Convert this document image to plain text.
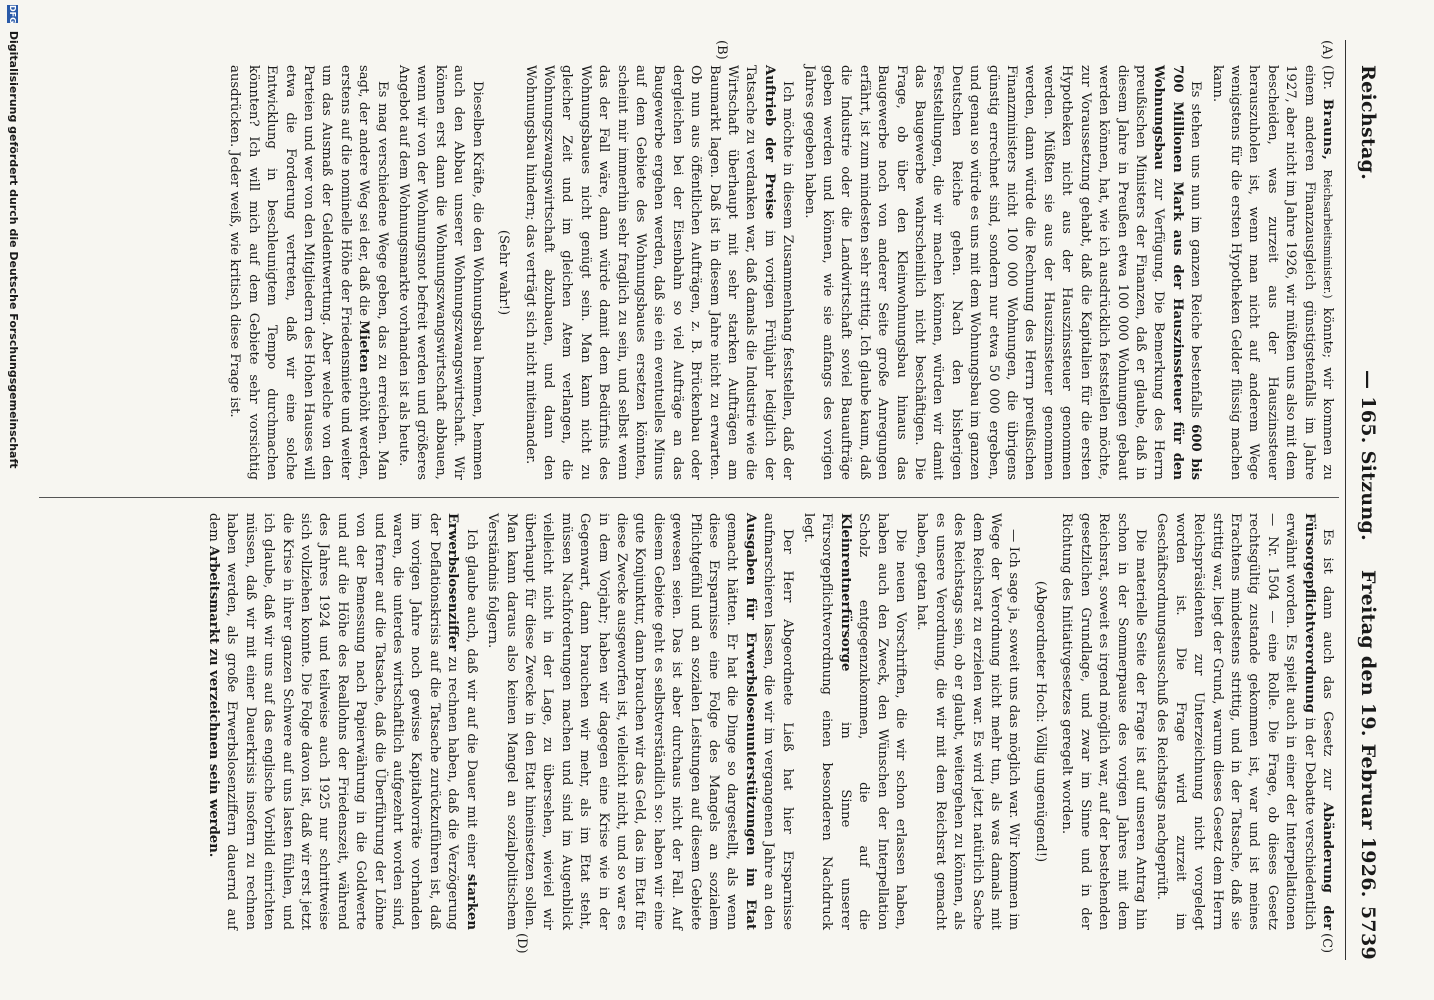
Reichstag.
— 165. Sitzung.
Freitag den 19. Februar 1926.
5739
(A)
(B)
(C)
(D)

(Dr. Brauns, Reichsarbeitsminister.) könnte; wir kommen zu einem anderen Finanzausgleich günstigstenfalls im Jahre 1927, aber nicht im Jahre 1926, wir müßten uns also mit dem bescheiden, was zurzeit aus der Hauszinssteuer herauszuholen ist, wenn man nicht auf anderem Wege wenigstens für die ersten Hypotheken Gelder flüssig machen kann.

Es stehen uns nun im ganzen Reiche bestenfalls 600 bis 700 Millionen Mark aus der Hauszinssteuer für den Wohnungsbau zur Verfügung. Die Bemerkung des Herrn preußischen Ministers der Finanzen, daß er glaube, daß in diesem Jahre in Preußen etwa 100 000 Wohnungen gebaut werden können, hat, wie ich ausdrücklich feststellen möchte, zur Voraussetzung gehabt, daß die Kapitalien für die ersten Hypotheken nicht aus der Hauszinssteuer genommen werden. Müßten sie aus der Hauszinssteuer genommen werden, dann würde die Rechnung des Herrn preußischen Finanzministers nicht 100 000 Wohnungen, die übrigens günstig errechnet sind, sondern nur etwa 50 000 ergeben, und genau so würde es uns mit dem Wohnungsbau im ganzen Deutschen Reiche gehen. Nach den bisherigen Feststellungen, die wir machen können, würden wir damit das Baugewerbe wahrscheinlich nicht beschäftigen. Die Frage, ob über den Kleinwohnungsbau hinaus das Baugewerbe noch von anderer Seite große Anregungen erfährt, ist zum mindesten sehr strittig. Ich glaube kaum, daß die Industrie oder die Landwirtschaft soviel Bauaufträge geben werden und können, wie sie anfangs des vorigen Jahres gegeben haben.

Ich möchte in diesem Zusammenhang feststellen, daß der Auftrieb der Preise im vorigen Frühjahr lediglich der Tatsache zu verdanken war, daß damals die Industrie wie die Wirtschaft überhaupt mit sehr starken Aufträgen am Baumarkt lagen. Daß ist in diesem Jahre nicht zu erwarten. Ob nun aus öffentlichen Aufträgen, z. B. Brückenbau oder dergleichen bei der Eisenbahn so viel Aufträge an das Baugewerbe ergehen werden, daß sie ein eventuelles Minus auf dem Gebiete des Wohnungsbaues ersetzen könnten, scheint mir immerhin sehr fraglich zu sein, und selbst wenn das der Fall wäre, dann würde damit dem Bedürfnis des Wohnungsbaues nicht genügt sein. Man kann nicht zu gleicher Zeit und im gleichen Atem verlangen, die Wohnungszwangswirtschaft abzubauen, und dann den Wohnungsbau hindern; das verträgt sich nicht miteinander.

(Sehr wahr!)

Dieselben Kräfte, die den Wohnungsbau hemmen, hemmen auch den Abbau unserer Wohnungszwangswirtschaft. Wir können erst dann die Wohnungszwangswirtschaft abbauen, wenn wir von der Wohnungsnot befreit werden und größeres Angebot auf dem Wohnungsmarkte vorhanden ist als heute.

Es mag verschiedene Wege geben, das zu erreichen. Man sagt, der andere Weg sei der, daß die Mieten erhöht werden, erstens auf die nominelle Höhe der Friedensmiete und weiter um das Ausmaß der Geldentwertung. Aber welche von den Parteien und wer von den Mitgliedern des Hohen Hauses will etwa die Forderung vertreten, daß wir eine solche Entwicklung in beschleunigtem Tempo durchmachen könnten? Ich will mich auf dem Gebiete sehr vorsichtig ausdrücken. Jeder weiß, wie kritisch diese Frage ist.

Es ist dann auch das Gesetz zur Abänderung der Fürsorgepflichtverordnung in der Debatte verschiedentlich erwähnt worden. Es spielt auch in einer der Interpellationen — Nr. 1504 — eine Rolle. Die Frage, ob dieses Gesetz rechtsgültig zustande gekommen ist, war und ist meines Erachtens mindestens strittig, und in der Tatsache, daß sie strittig war, liegt der Grund, warum dieses Gesetz dem Herrn Reichspräsidenten zur Unterzeichnung nicht vorgelegt worden ist. Die Frage wird zurzeit im Geschäftsordnungsausschuß des Reichstags nachgeprüft.

Die materielle Seite der Frage ist auf unseren Antrag hin schon in der Sommerpause des vorigen Jahres mit dem Reichsrat, soweit es irgend möglich war, auf der bestehenden gesetzlichen Grundlage, und zwar im Sinne und in der Richtung des Initiativgesetzes geregelt worden.

(Abgeordneter Hoch: Völlig ungenügend!)

— Ich sage ja, soweit uns das möglich war. Wir kommen im Wege der Verordnung nicht mehr tun, als was damals mit dem Reichsrat zu erzielen war. Es wird jetzt natürlich Sache des Reichstags sein, ob er glaubt, weitergehen zu können, als es unsere Verordnung, die wir mit dem Reichsrat gemacht haben, getan hat.

Die neuen Vorschriften, die wir schon erlassen haben, haben auch den Zweck, den Wünschen der Interpellation Scholz entgegenzukommen, die auf die Kleinrentnerfürsorge im Sinne unserer Fürsorgepflichtverordnung einen besonderen Nachdruck legt.

Der Herr Abgeordnete Ließ hat hier Ersparnisse aufmarschieren lassen, die wir im vergangenen Jahre an den Ausgaben für Erwerbslosenunterstützungen im Etat gemacht hätten. Er hat die Dinge so dargestellt, als wenn diese Ersparnisse eine Folge des Mangels an sozialem Pflichtgefühl und an sozialen Leistungen auf diesem Gebiete gewesen seien. Das ist aber durchaus nicht der Fall. Auf diesem Gebiete geht es selbstverständlich so: haben wir eine gute Konjunktur, dann brauchen wir das Geld, das im Etat für diese Zwecke ausgeworfen ist, vielleicht nicht, und so war es in dem Vorjahr; haben wir dagegen eine Krise wie in der Gegenwart, dann brauchen wir mehr, als im Etat steht, müssen Nachforderungen machen und sind im Augenblick vielleicht nicht in der Lage, zu übersehen, wieviel wir überhaupt für diese Zwecke in den Etat hineinsetzen sollen. Man kann daraus also keinen Mangel an sozialpolitischem Verständnis folgern.

Ich glaube auch, daß wir auf die Dauer mit einer starken Erwerbslosenziffer zu rechnen haben, daß die Verzögerung der Deflationskrisis auf die Tatsache zurückzuführen ist, daß im vorigen Jahre noch gewisse Kapitalvorräte vorhanden waren, die unterdes wirtschaftlich aufgezehrt worden sind, und ferner auf die Tatsache, daß die Überführung der Löhne von der Bemessung nach Papierwährung in die Goldwerte und auf die Höhe des Reallohns der Friedenszeit, während des Jahres 1924 und teilweise auch 1925 nur schrittweise sich vollziehen konnte. Die Folge davon ist, daß wir erst jetzt die Krise in ihrer ganzen Schwere auf uns lasten fühlen, und ich glaube, daß wir uns auf das englische Vorbild einrichten müssen, daß wir mit einer Dauerkrisis insofern zu rechnen haben werden, als große Erwerbslosenziffern dauernd auf dem Arbeitsmarkt zu verzeichnen sein werden.

DFG Digitalisierung gefördert durch die Deutsche Forschungsgemeinschaft
